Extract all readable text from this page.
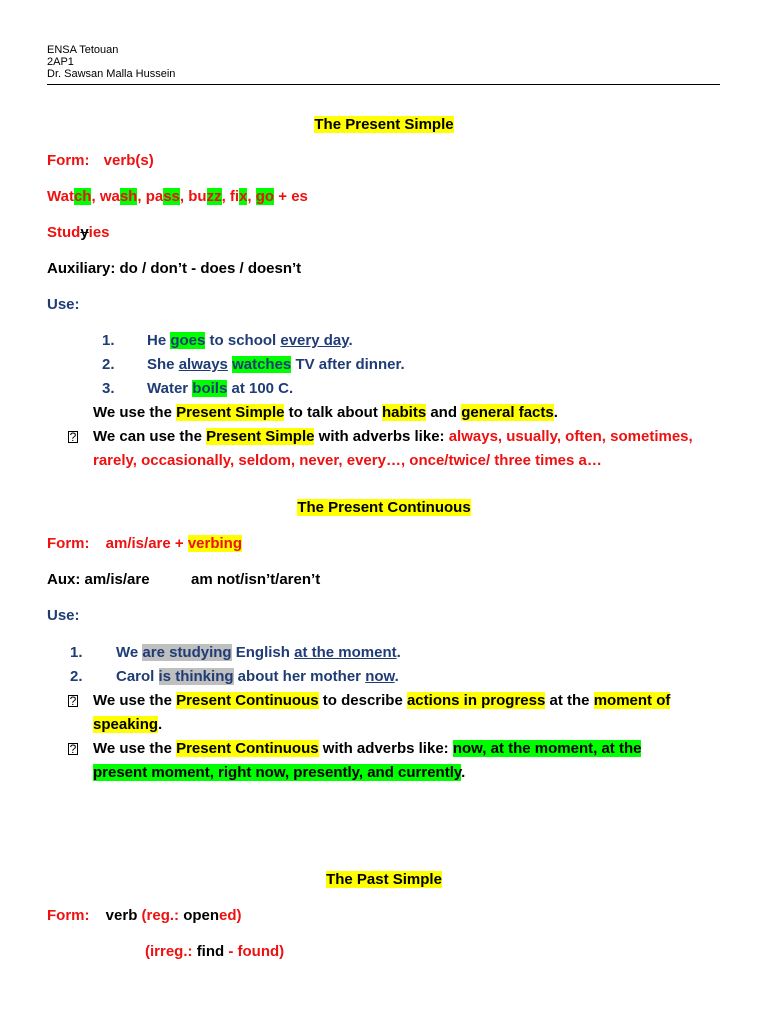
ENSA Tetouan
2AP1
Dr. Sawsan Malla Hussein
The Present Simple
Form: verb(s)
Watch, wash, pass, buzz, fix, go + es
Studyies
Auxiliary: do / don’t - does / doesn’t
Use:
1. He goes to school every day.
2. She always watches TV after dinner.
3. Water boils at 100 C.
We use the Present Simple to talk about habits and general facts.
? We can use the Present Simple with adverbs like: always, usually, often, sometimes,
rarely, occasionally, seldom, never, every…, once/twice/ three times a…
The Present Continuous
Form: am/is/are + verbing
Aux: am/is/are	am not/isn’t/aren’t
Use:
1. We are studying English at the moment.
2. Carol is thinking about her mother now.
? We use the Present Continuous to describe actions in progress at the moment of
speaking.
? We use the Present Continuous with adverbs like: now, at the moment, at the
present moment, right now, presently, and currently.
The Past Simple
Form: verb (reg.: opened)
(irreg.: find - found)
